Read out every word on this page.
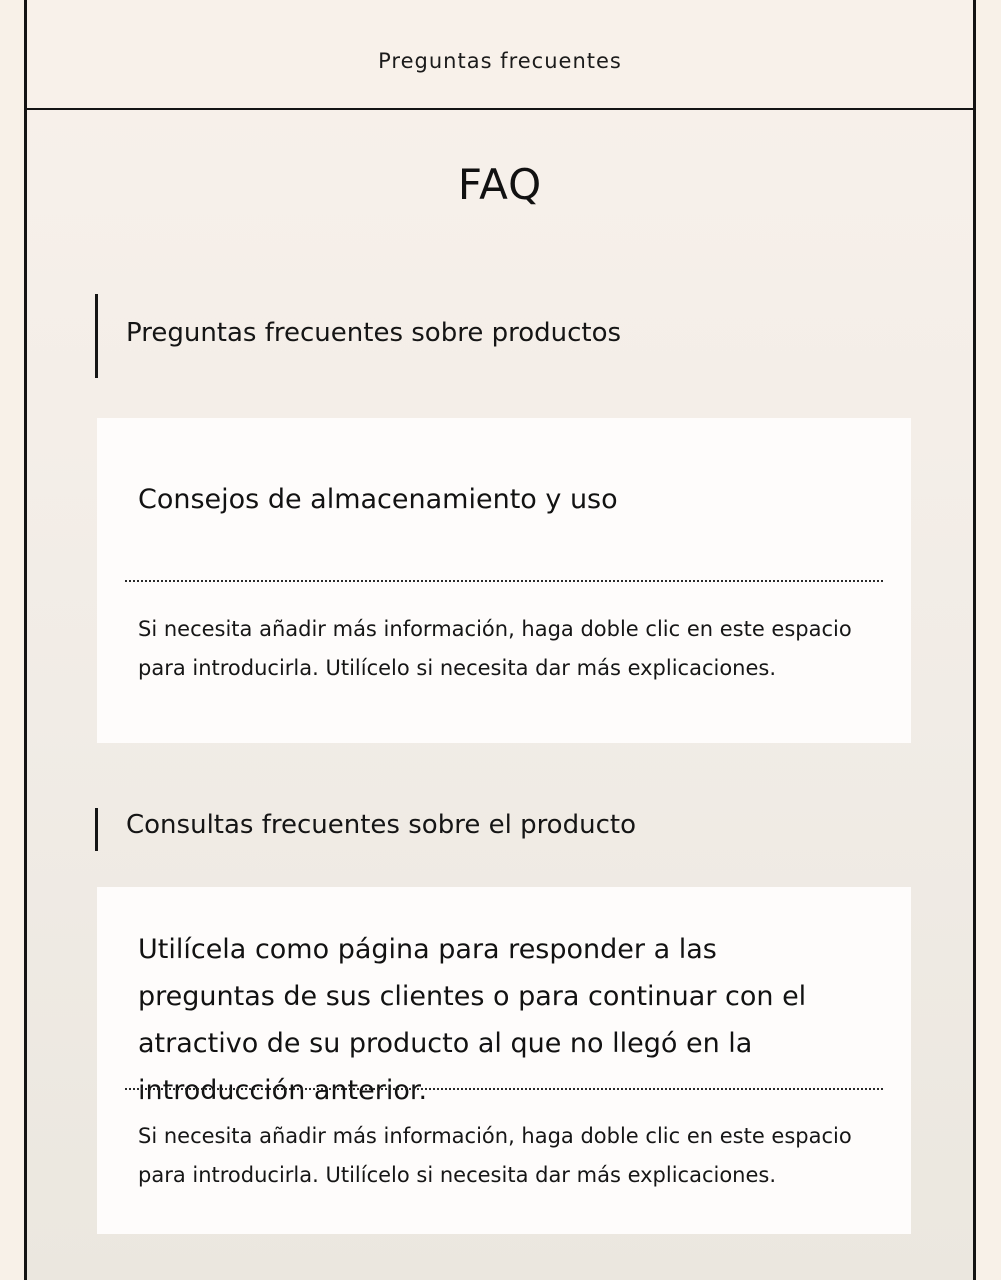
Preguntas frecuentes
FAQ
Preguntas frecuentes sobre productos
Consejos de almacenamiento y uso
Si necesita añadir más información, haga doble clic en este espacio para introducirla. Utilícelo si necesita dar más explicaciones.
Consultas frecuentes sobre el producto
Utilícela como página para responder a las preguntas de sus clientes o para continuar con el atractivo de su producto al que no llegó en la introducción anterior.
Si necesita añadir más información, haga doble clic en este espacio para introducirla. Utilícelo si necesita dar más explicaciones.
